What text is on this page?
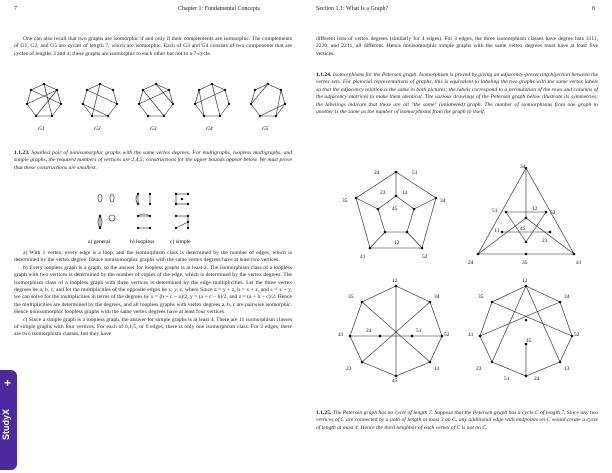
7	Chapter 1: Fundamental Concepts

One can also recall that two graphs are isomorphic if and only if their complements are isomorphic. The complements of G1, G2, and G5 are cycles of length 7, which are isomorphic. Each of G3 and G4 consists of two components that are cycles of lengths 3 and 4; these graphs are isomorphic to each other but not to a 7-cycle.

G1	G2	G3	G4	G5

1.1.23. Smallest pair of nonisomorphic graphs with the same vertex degrees. For multigraphs, loopless multigraphs, and simple graphs, the required numbers of vertices are 2,4,5; constructions for the upper bounds appear below. We must prove that these constructions are smallest.

a) general	b) loopless	c) simple

a) With 1 vertex, every edge is a loop, and the isomorphism class is determined by the number of edges, which is determined by the vertex degree. Hence nonisomorphic graphs with the same vertex degrees have at least two vertices.

b) Every loopless graph is a graph, so the answer for loopless graphs is at least 2. The isomorphism class of a loopless graph with two vertices is determined by the number of copies of the edge, which is determined by the vertex degrees. The isomorphism class of a loopless graph with three vertices is determined by the edge multiplicities. Let the three vertex degrees be a, b, c, and let the multiplicities of the opposite edges be x, y, z, where Since a = y + z, b = x + z, and c = x + y, we can solve for the multiplicities in terms of the degrees by x = (b + c − a)/2, y = (a + c − b)/2, and z = (a + b − c)/2. Hence the multiplicities are determined by the degrees, and all loopless graphs with vertex degrees a, b, c are pairwise isomorphic. Hence nonisomorphic loopless graphs with the same vertex degrees have at least four vertices.

c) Since a simple graph is a loopless graph, the answer for simple graphs is at least 4. There are 11 isomorphism classes of simple graphs with four vertices. For each of 0,1,5, or 6 edges, there is only one isomorphism class. For 2 edges, there are two isomorphism classes, but they have

+
StudyX
Section 1.1: What Is a Graph?	8

different lists of vertex degrees (similarly for 4 edges). For 3 edges, the three isomorphism classes have degree lists 3111, 2220, and 2211, all different. Hence nonisomorphic simple graphs with the same vertex degrees must have at least five vertices.

1.1.24. Isomorphisms for the Petersen graph. Isomorphism is proved by giving an adjacency-preserving bijection between the vertex sets. For pictorial representations of graphs, this is equivalent to labeling the two graphs with the same vertex labels so that the adjacency relation is the same in both pictures; the labels correspond to a permutation of the rows and columns of the adjacency matrices to make them identical. The various drawings of the Petersen graph below illustrate its symmetries; the labelings indicate that these are all "the same" (unlabeled) graph. The number of isomorphisms from one graph to another is the same as the number of isomorphisms from the graph to itself.

24	51
13
23
45
35	34
12
41	52
34
51	12
52
13	45
24	35
23
41
12
35	34
41
24	51
52
23	13
45
12
35	34
41	52
23	13
51	24
45

1.1.25. The Petersen graph has no cycle of length 7. Suppose that the Petersen graph has a cycle C of length 7. Since any two vertices of C are connected by a path of length at most 3 on C, any additional edge with endpoints on C would create a cycle of length at most 4. Hence the third neighbor of each vertex of C is not on C.
